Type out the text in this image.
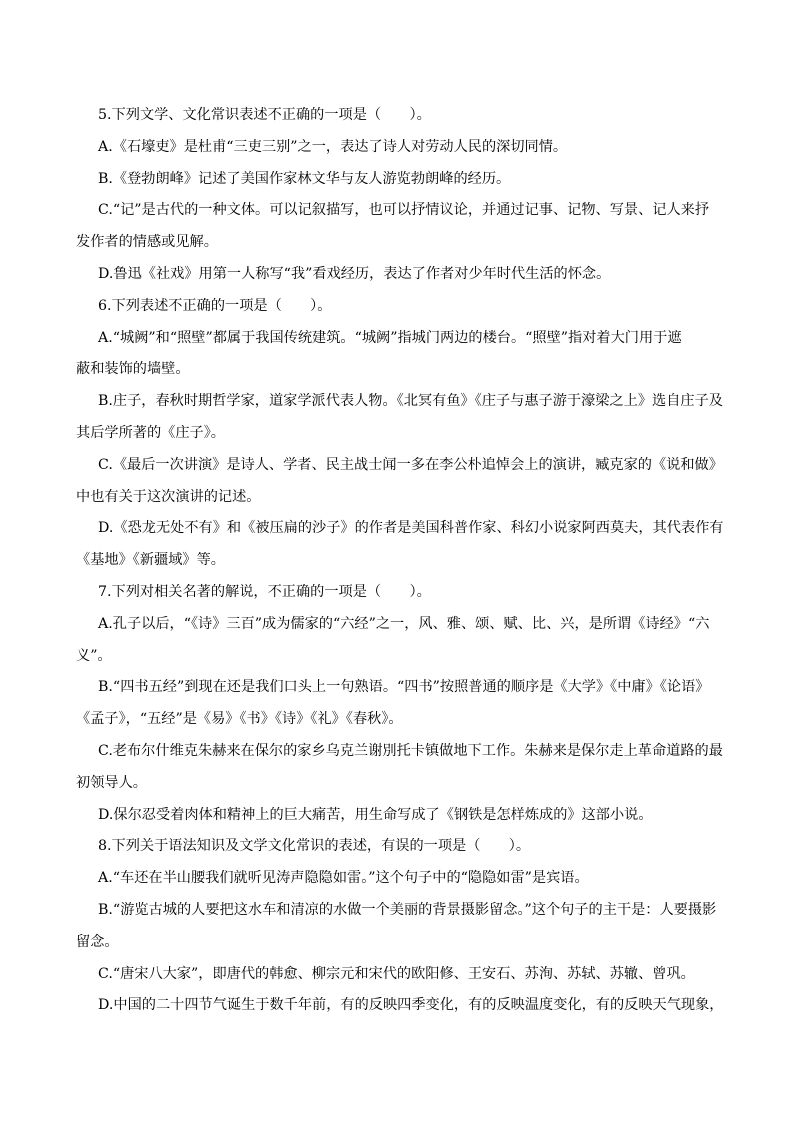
5.下列文学、文化常识表述不正确的一项是（　　）。
A.《石壕吏》是杜甫“三吏三别”之一，表达了诗人对劳动人民的深切同情。
B.《登勃朗峰》记述了美国作家林文华与友人游览勃朗峰的经历。
C.“记”是古代的一种文体。可以记叙描写，也可以抒情议论，并通过记事、记物、写景、记人来抒
发作者的情感或见解。
D.鲁迅《社戏》用第一人称写“我”看戏经历，表达了作者对少年时代生活的怀念。
6.下列表述不正确的一项是（　　）。
A.“城阙”和“照壁”都属于我国传统建筑。“城阙”指城门两边的楼台。“照壁”指对着大门用于遮
蔽和装饰的墙壁。
B.庄子，春秋时期哲学家，道家学派代表人物。《北冥有鱼》《庄子与惠子游于濠梁之上》选自庄子及
其后学所著的《庄子》。
C.《最后一次讲演》是诗人、学者、民主战士闻一多在李公朴追悼会上的演讲，臧克家的《说和做》
中也有关于这次演讲的记述。
D.《恐龙无处不有》和《被压扁的沙子》的作者是美国科普作家、科幻小说家阿西莫夫，其代表作有
《基地》《新疆域》等。
7.下列对相关名著的解说，不正确的一项是（　　）。
A.孔子以后，“《诗》三百”成为儒家的“六经”之一，风、雅、颂、赋、比、兴，是所谓《诗经》“六
义”。
B.“四书五经”到现在还是我们口头上一句熟语。“四书”按照普通的顺序是《大学》《中庸》《论语》
《孟子》，“五经”是《易》《书》《诗》《礼》《春秋》。
C.老布尔什维克朱赫来在保尔的家乡乌克兰谢別托卡镇做地下工作。朱赫来是保尔走上革命道路的最
初领导人。
D.保尔忍受着肉体和精神上的巨大痛苦，用生命写成了《钢铁是怎样炼成的》这部小说。
8.下列关于语法知识及文学文化常识的表述，有误的一项是（　　）。
A.“车还在半山腰我们就听见涛声隐隐如雷。”这个句子中的“隐隐如雷”是宾语。
B.“游览古城的人要把这水车和清凉的水做一个美丽的背景摄影留念。”这个句子的主干是：人要摄影
留念。
C.“唐宋八大家”，即唐代的韩愈、柳宗元和宋代的欧阳修、王安石、苏洵、苏轼、苏辙、曾巩。
D.中国的二十四节气诞生于数千年前，有的反映四季变化，有的反映温度变化，有的反映天气现象，
